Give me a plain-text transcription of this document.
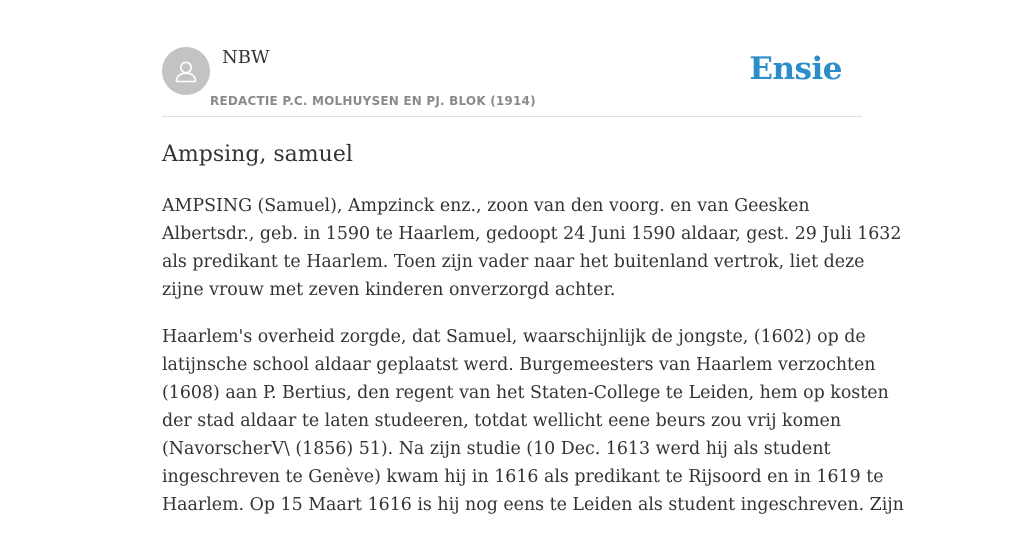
NBW
REDACTIE P.C. MOLHUYSEN EN PJ. BLOK (1914)
Ensie
Ampsing, samuel

AMPSING (Samuel), Ampzinck enz., zoon van den voorg. en van Geesken
Albertsdr., geb. in 1590 te Haarlem, gedoopt 24 Juni 1590 aldaar, gest. 29 Juli 1632
als predikant te Haarlem. Toen zijn vader naar het buitenland vertrok, liet deze
zijne vrouw met zeven kinderen onverzorgd achter.

Haarlem's overheid zorgde, dat Samuel, waarschijnlijk de jongste, (1602) op de
latijnsche school aldaar geplaatst werd. Burgemeesters van Haarlem verzochten
(1608) aan P. Bertius, den regent van het Staten-College te Leiden, hem op kosten
der stad aldaar te laten studeeren, totdat wellicht eene beurs zou vrij komen
(NavorscherV\ (1856) 51). Na zijn studie (10 Dec. 1613 werd hij als student
ingeschreven te Genève) kwam hij in 1616 als predikant te Rijsoord en in 1619 te
Haarlem. Op 15 Maart 1616 is hij nog eens te Leiden als student ingeschreven. Zijn
